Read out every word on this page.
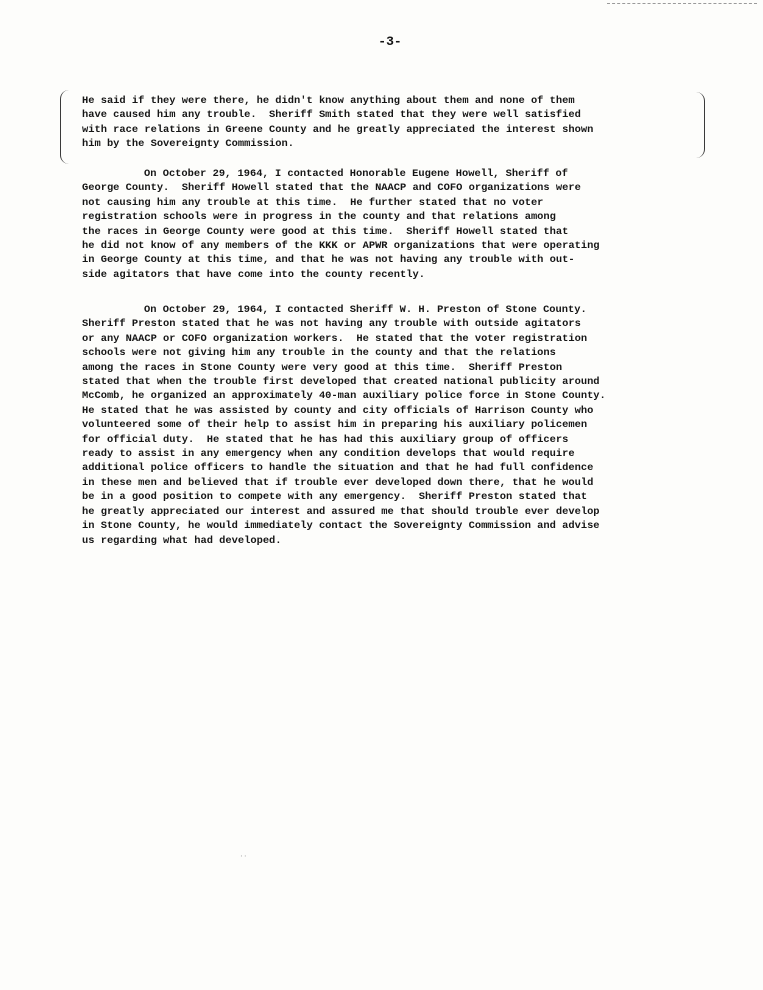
-3-
He said if they were there, he didn't know anything about them and none of them
have caused him any trouble.  Sheriff Smith stated that they were well satisfied
with race relations in Greene County and he greatly appreciated the interest shown
him by the Sovereignty Commission.
On October 29, 1964, I contacted Honorable Eugene Howell, Sheriff of
George County.  Sheriff Howell stated that the NAACP and COFO organizations were
not causing him any trouble at this time.  He further stated that no voter
registration schools were in progress in the county and that relations among
the races in George County were good at this time.  Sheriff Howell stated that
he did not know of any members of the KKK or APWR organizations that were operating
in George County at this time, and that he was not having any trouble with out-
side agitators that have come into the county recently.
On October 29, 1964, I contacted Sheriff W. H. Preston of Stone County.
Sheriff Preston stated that he was not having any trouble with outside agitators
or any NAACP or COFO organization workers.  He stated that the voter registration
schools were not giving him any trouble in the county and that the relations
among the races in Stone County were very good at this time.  Sheriff Preston
stated that when the trouble first developed that created national publicity around
McComb, he organized an approximately 40-man auxiliary police force in Stone County.
He stated that he was assisted by county and city officials of Harrison County who
volunteered some of their help to assist him in preparing his auxiliary policemen
for official duty.  He stated that he has had this auxiliary group of officers
ready to assist in any emergency when any condition develops that would require
additional police officers to handle the situation and that he had full confidence
in these men and believed that if trouble ever developed down there, that he would
be in a good position to compete with any emergency.  Sheriff Preston stated that
he greatly appreciated our interest and assured me that should trouble ever develop
in Stone County, he would immediately contact the Sovereignty Commission and advise
us regarding what had developed.
··
